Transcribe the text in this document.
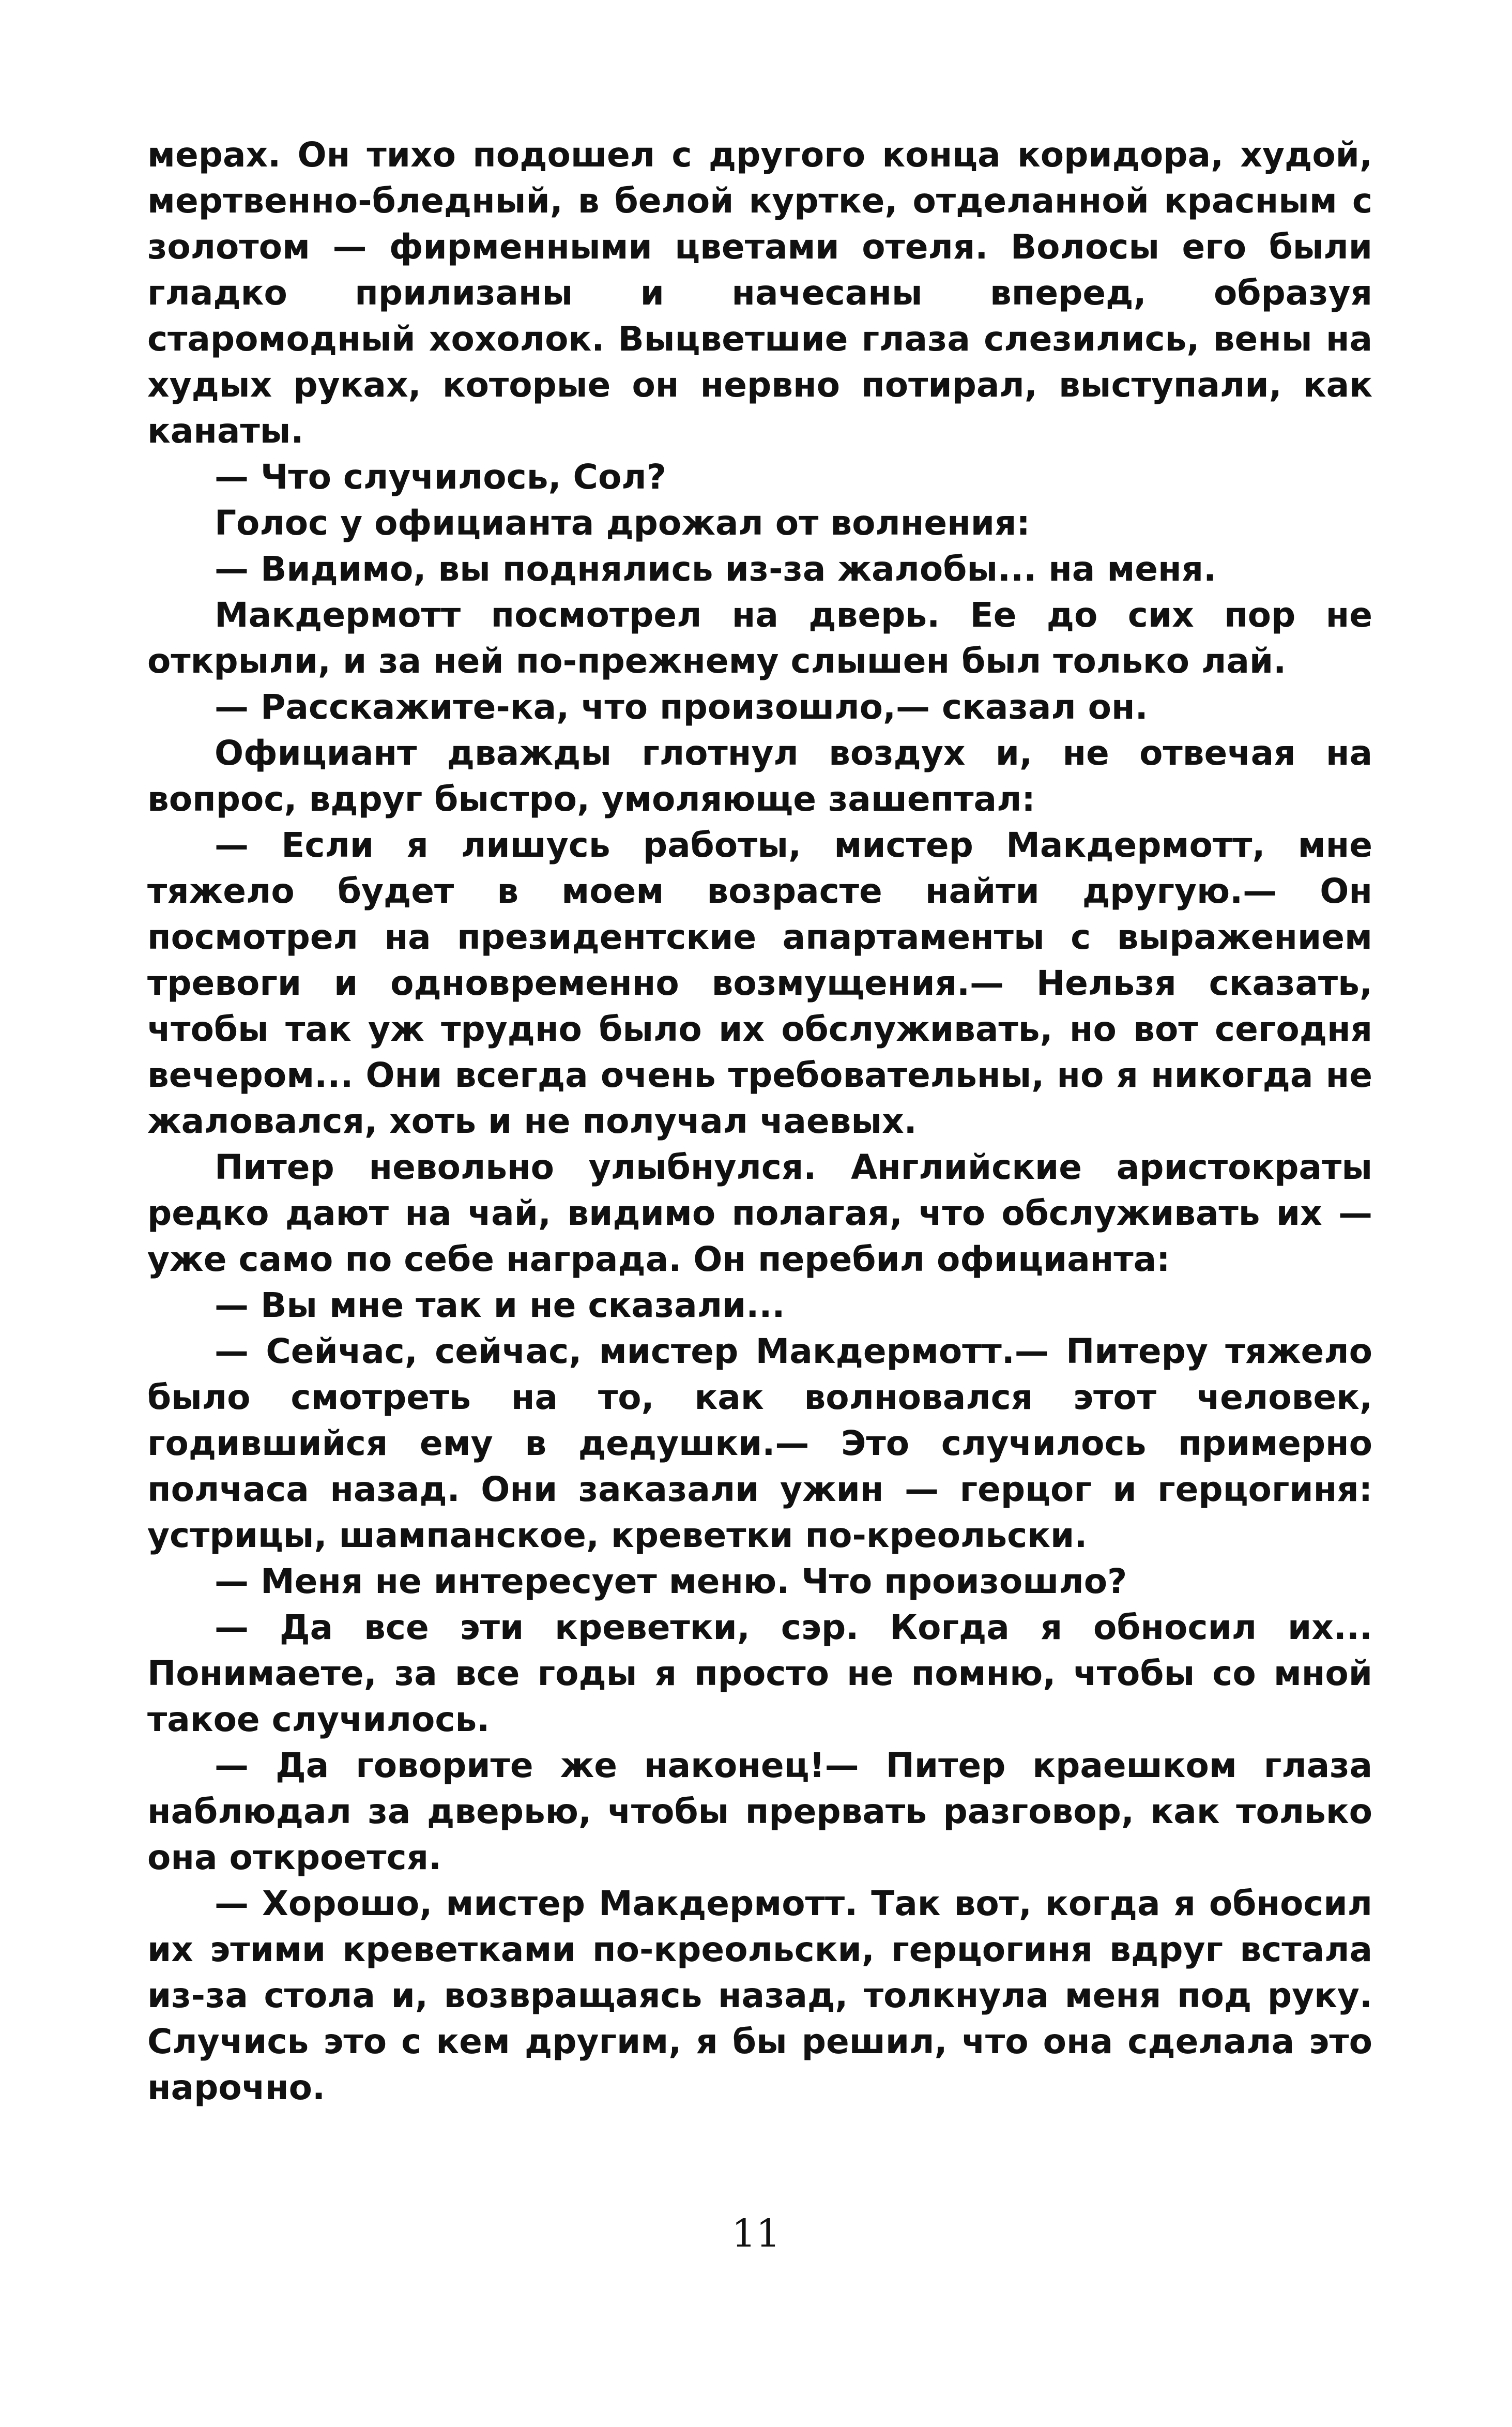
мерах. Он тихо подошел с другого конца коридора, худой, мертвенно-бледный, в белой куртке, отделанной красным с золотом — фирменными цветами отеля. Волосы его были гладко прилизаны и начесаны вперед, образуя старомодный хохолок. Выцветшие глаза слезились, вены на худых руках, которые он нервно потирал, выступали, как канаты.

— Что случилось, Сол?

Голос у официанта дрожал от волнения:

— Видимо, вы поднялись из-за жалобы... на меня.

Макдермотт посмотрел на дверь. Ее до сих пор не открыли, и за ней по-прежнему слышен был только лай.

— Расскажите-ка, что произошло,— сказал он.

Официант дважды глотнул воздух и, не отвечая на вопрос, вдруг быстро, умоляюще зашептал:

— Если я лишусь работы, мистер Макдермотт, мне тяжело будет в моем возрасте найти другую.— Он посмотрел на президентские апартаменты с выражением тревоги и одновременно возмущения.— Нельзя сказать, чтобы так уж трудно было их обслуживать, но вот сегодня вечером... Они всегда очень требовательны, но я никогда не жаловался, хоть и не получал чаевых.

Питер невольно улыбнулся. Английские аристократы редко дают на чай, видимо полагая, что обслуживать их — уже само по себе награда. Он перебил официанта:

— Вы мне так и не сказали...

— Сейчас, сейчас, мистер Макдермотт.— Питеру тяжело было смотреть на то, как волновался этот человек, годившийся ему в дедушки.— Это случилось примерно полчаса назад. Они заказали ужин — герцог и герцогиня: устрицы, шампанское, креветки по-креольски.

— Меня не интересует меню. Что произошло?

— Да все эти креветки, сэр. Когда я обносил их... Понимаете, за все годы я просто не помню, чтобы со мной такое случилось.

— Да говорите же наконец!— Питер краешком глаза наблюдал за дверью, чтобы прервать разговор, как только она откроется.

— Хорошо, мистер Макдермотт. Так вот, когда я обносил их этими креветками по-креольски, герцогиня вдруг встала из-за стола и, возвращаясь назад, толкнула меня под руку. Случись это с кем другим, я бы решил, что она сделала это нарочно.

11
